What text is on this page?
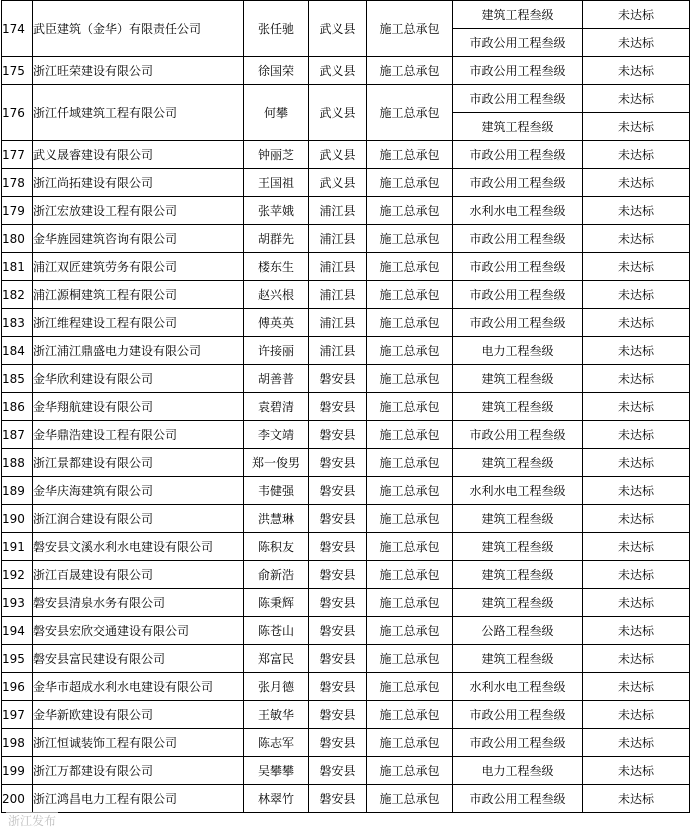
174	武臣建筑（金华）有限责任公司	张任驰	武义县	施工总承包	建筑工程叁级	未达标
					市政公用工程叁级	未达标
175	浙江旺荣建设有限公司	徐国荣	武义县	施工总承包	市政公用工程叁级	未达标
176	浙江仟域建筑工程有限公司	何攀	武义县	施工总承包	市政公用工程叁级	未达标
					建筑工程叁级	未达标
177	武义晟睿建设有限公司	钟丽芝	武义县	施工总承包	市政公用工程叁级	未达标
178	浙江尚拓建设有限公司	王国祖	武义县	施工总承包	市政公用工程叁级	未达标
179	浙江宏放建设工程有限公司	张苹娥	浦江县	施工总承包	水利水电工程叁级	未达标
180	金华旌园建筑咨询有限公司	胡群先	浦江县	施工总承包	市政公用工程叁级	未达标
181	浦江双匠建筑劳务有限公司	楼东生	浦江县	施工总承包	市政公用工程叁级	未达标
182	浦江源桐建筑工程有限公司	赵兴根	浦江县	施工总承包	市政公用工程叁级	未达标
183	浙江维程建设工程有限公司	傅英英	浦江县	施工总承包	市政公用工程叁级	未达标
184	浙江浦江鼎盛电力建设有限公司	许接丽	浦江县	施工总承包	电力工程叁级	未达标
185	金华欣利建设有限公司	胡善普	磐安县	施工总承包	建筑工程叁级	未达标
186	金华翔航建设有限公司	袁碧清	磐安县	施工总承包	建筑工程叁级	未达标
187	金华鼎浩建设工程有限公司	李文靖	磐安县	施工总承包	市政公用工程叁级	未达标
188	浙江景都建设有限公司	郑一俊男	磐安县	施工总承包	建筑工程叁级	未达标
189	金华庆海建筑有限公司	韦健强	磐安县	施工总承包	水利水电工程叁级	未达标
190	浙江润合建设有限公司	洪慧琳	磐安县	施工总承包	建筑工程叁级	未达标
191	磐安县文溪水利水电建设有限公司	陈积友	磐安县	施工总承包	建筑工程叁级	未达标
192	浙江百晟建设有限公司	俞新浩	磐安县	施工总承包	建筑工程叁级	未达标
193	磐安县清泉水务有限公司	陈秉辉	磐安县	施工总承包	建筑工程叁级	未达标
194	磐安县宏欣交通建设有限公司	陈苍山	磐安县	施工总承包	公路工程叁级	未达标
195	磐安县富民建设有限公司	郑富民	磐安县	施工总承包	建筑工程叁级	未达标
196	金华市超成水利水电建设有限公司	张月德	磐安县	施工总承包	水利水电工程叁级	未达标
197	金华新欧建设有限公司	王敏华	磐安县	施工总承包	市政公用工程叁级	未达标
198	浙江恒诚装饰工程有限公司	陈志军	磐安县	施工总承包	市政公用工程叁级	未达标
199	浙江万都建设有限公司	吴攀攀	磐安县	施工总承包	电力工程叁级	未达标
200	浙江鸿昌电力工程有限公司	林翠竹	磐安县	施工总承包	市政公用工程叁级	未达标
浙江发布
